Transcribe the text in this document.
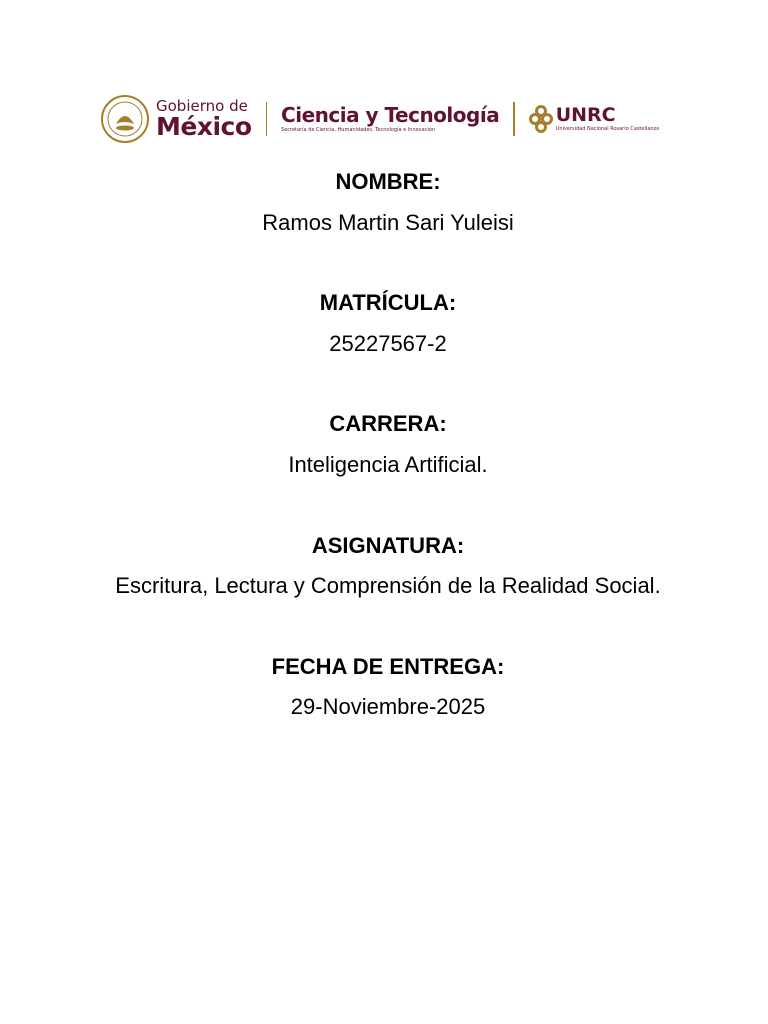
Gobierno de
México Ciencia y Tecnología
Secretaría de Ciencia, Humanidades, Tecnología e Innovación
UNRC
Universidad Nacional Rosario Castellanos

NOMBRE:

Ramos Martin Sari Yuleisi

MATRÍCULA:

25227567-2

CARRERA:

Inteligencia Artificial.

ASIGNATURA:

Escritura, Lectura y Comprensión de la Realidad Social.

FECHA DE ENTREGA:

29-Noviembre-2025
